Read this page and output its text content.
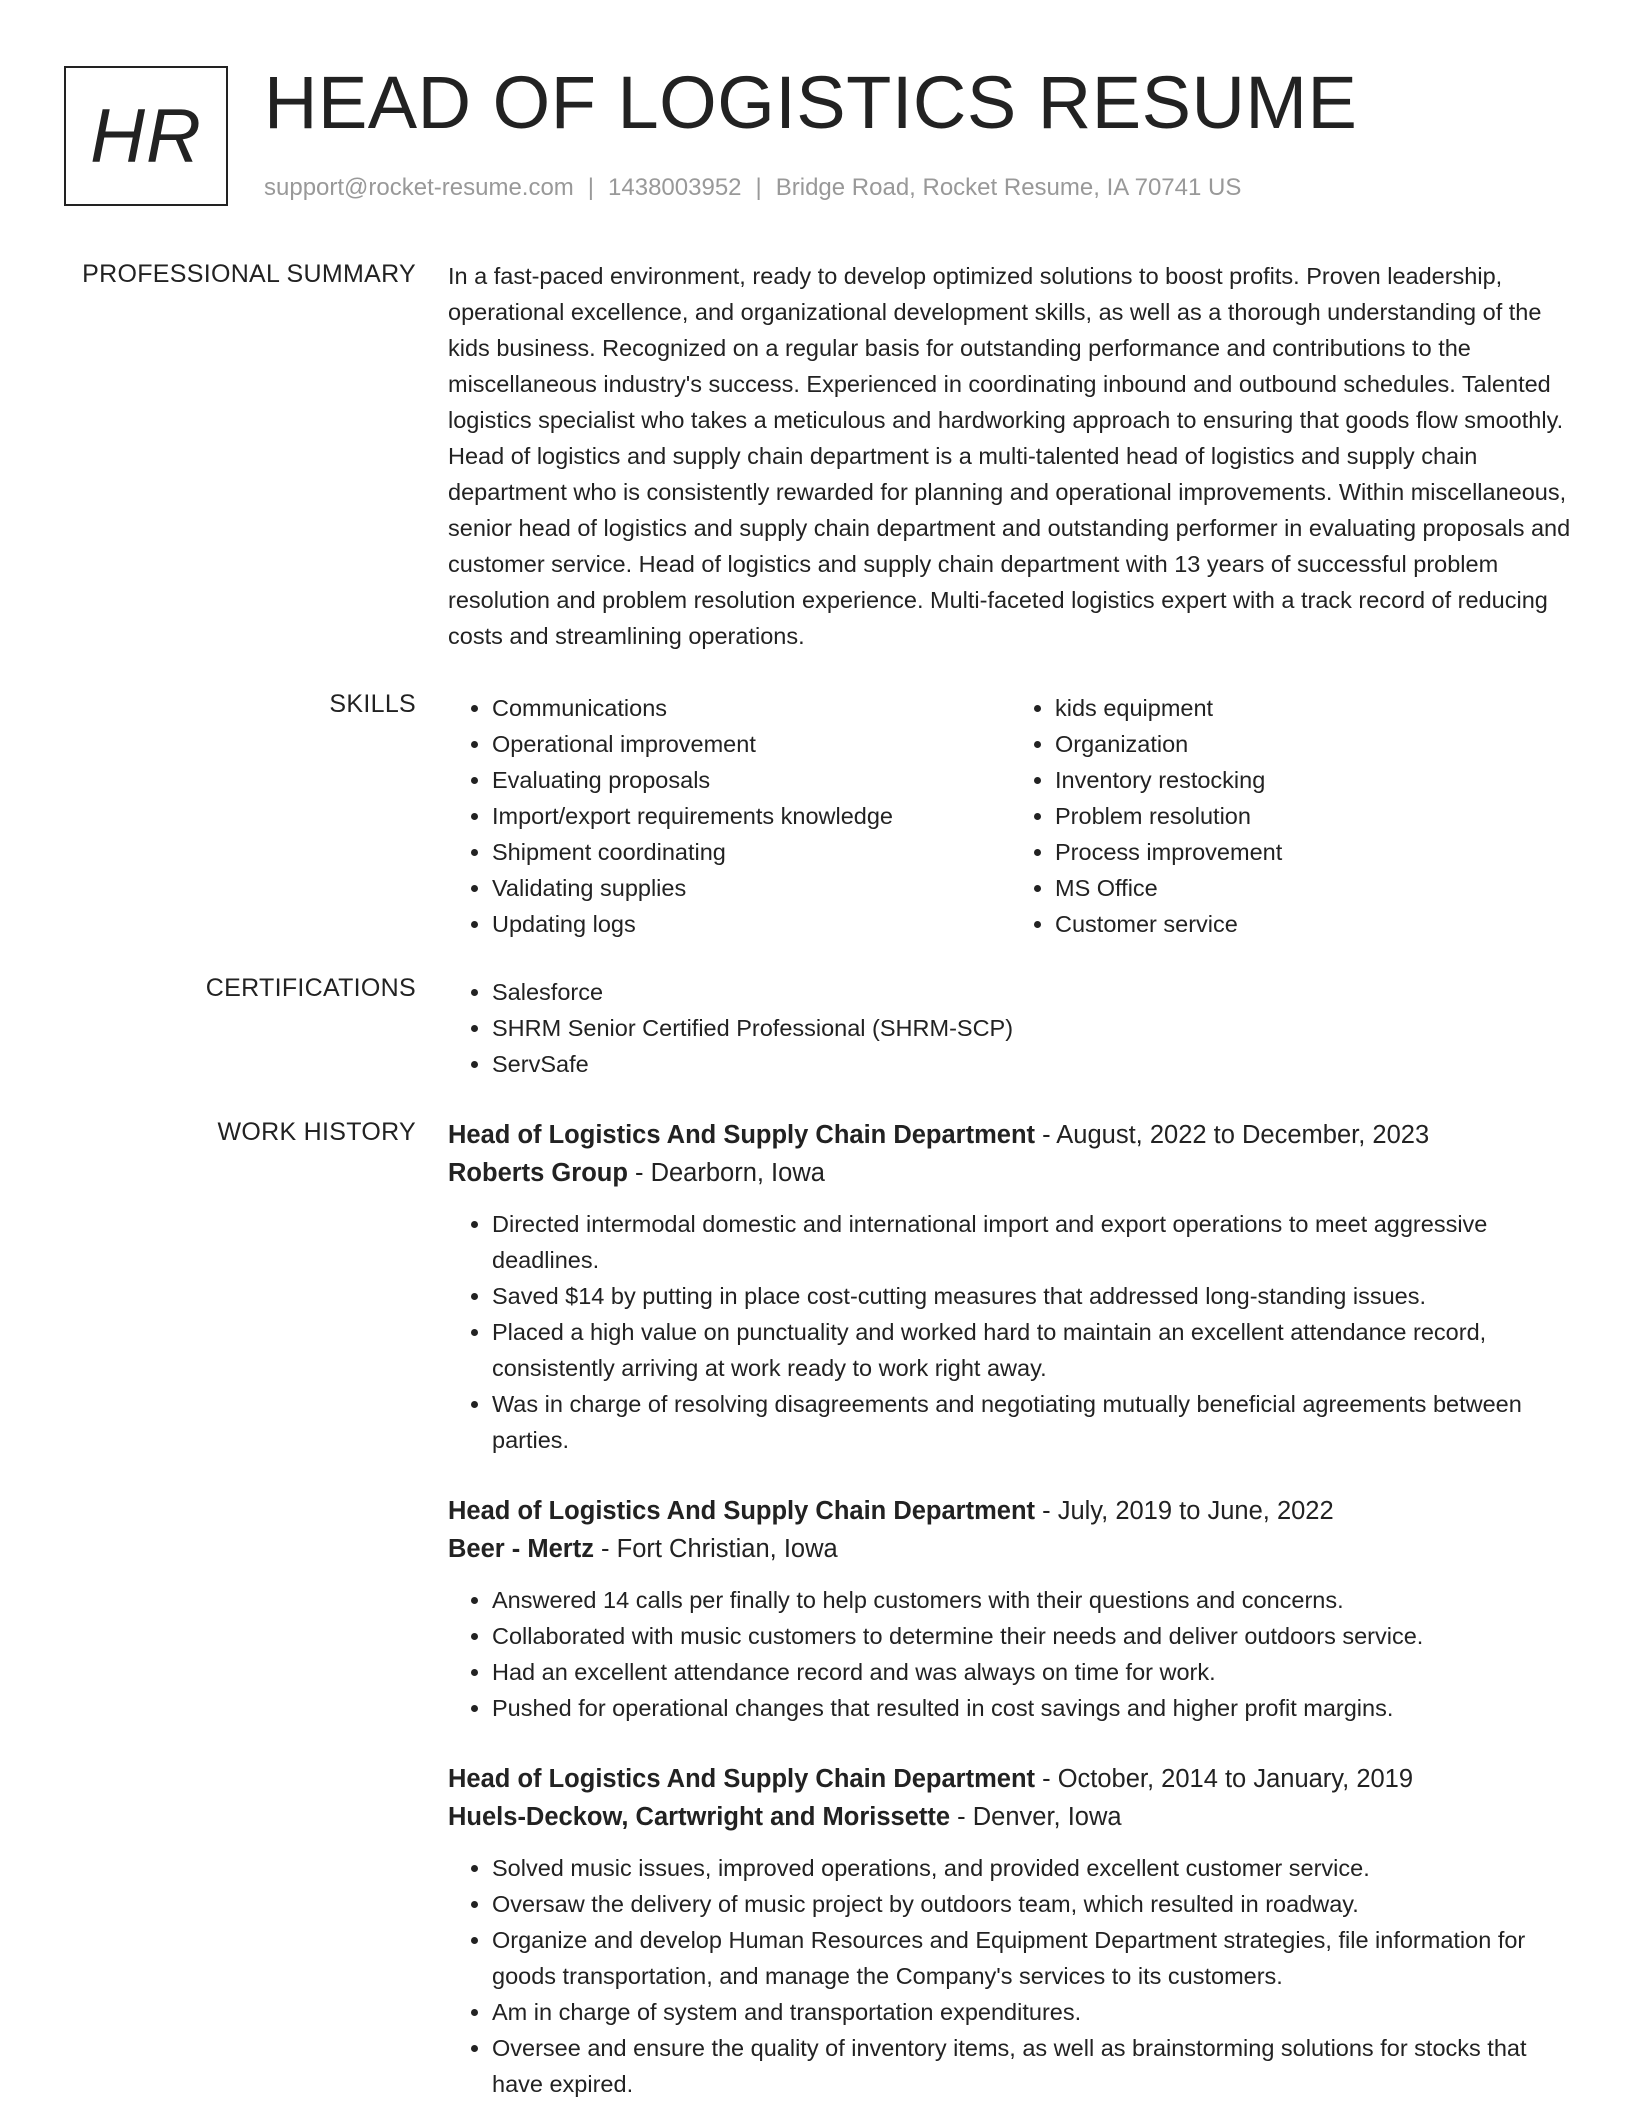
HR HEAD OF LOGISTICS RESUME
support@rocket-resume.com | 1438003952 | Bridge Road, Rocket Resume, IA 70741 US
PROFESSIONAL SUMMARY In a fast-paced environment, ready to develop optimized solutions to boost profits. Proven leadership, operational excellence, and organizational development skills, as well as a thorough understanding of the kids business. Recognized on a regular basis for outstanding performance and contributions to the miscellaneous industry's success. Experienced in coordinating inbound and outbound schedules. Talented logistics specialist who takes a meticulous and hardworking approach to ensuring that goods flow smoothly. Head of logistics and supply chain department is a multi-talented head of logistics and supply chain department who is consistently rewarded for planning and operational improvements. Within miscellaneous, senior head of logistics and supply chain department and outstanding performer in evaluating proposals and customer service. Head of logistics and supply chain department with 13 years of successful problem resolution and problem resolution experience. Multi-faceted logistics expert with a track record of reducing costs and streamlining operations.
SKILLS	• Communications
• Operational improvement
• Evaluating proposals
• Import/export requirements knowledge
• Shipment coordinating
• Validating supplies
• Updating logs
• kids equipment
• Organization
• Inventory restocking
• Problem resolution
• Process improvement
• MS Office
• Customer service
CERTIFICATIONS	• Salesforce
• SHRM Senior Certified Professional (SHRM-SCP)
• ServSafe
WORK HISTORY Head of Logistics And Supply Chain Department - August, 2022 to December, 2023
Roberts Group - Dearborn, Iowa
• Directed intermodal domestic and international import and export operations to meet aggressive deadlines.
• Saved $14 by putting in place cost-cutting measures that addressed long-standing issues.
• Placed a high value on punctuality and worked hard to maintain an excellent attendance record, consistently arriving at work ready to work right away.
• Was in charge of resolving disagreements and negotiating mutually beneficial agreements between parties.
Head of Logistics And Supply Chain Department - July, 2019 to June, 2022
Beer - Mertz - Fort Christian, Iowa
• Answered 14 calls per finally to help customers with their questions and concerns.
• Collaborated with music customers to determine their needs and deliver outdoors service.
• Had an excellent attendance record and was always on time for work.
• Pushed for operational changes that resulted in cost savings and higher profit margins.
Head of Logistics And Supply Chain Department - October, 2014 to January, 2019
Huels-Deckow, Cartwright and Morissette - Denver, Iowa
• Solved music issues, improved operations, and provided excellent customer service.
• Oversaw the delivery of music project by outdoors team, which resulted in roadway.
• Organize and develop Human Resources and Equipment Department strategies, file information for goods transportation, and manage the Company's services to its customers.
• Am in charge of system and transportation expenditures.
• Oversee and ensure the quality of inventory items, as well as brainstorming solutions for stocks that have expired.
